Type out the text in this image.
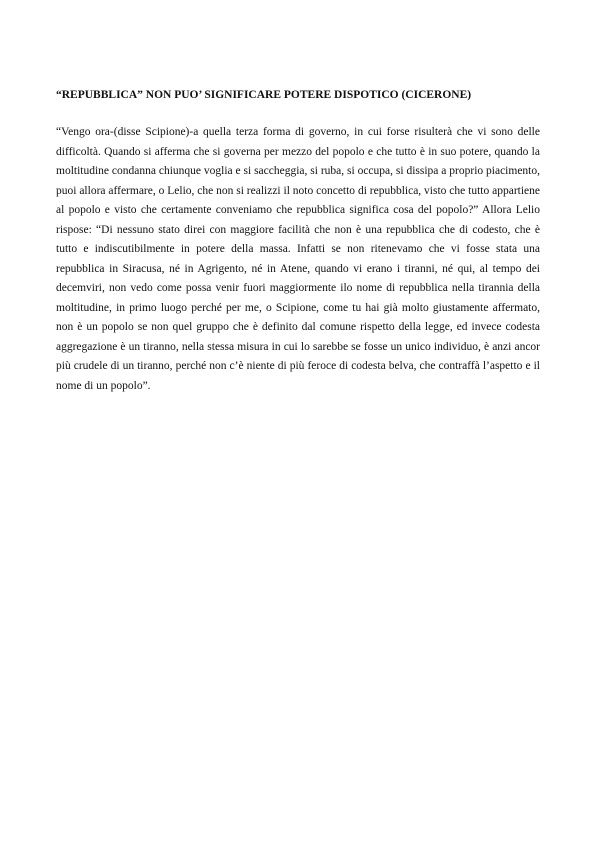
“REPUBBLICA” NON PUO’ SIGNIFICARE POTERE DISPOTICO (CICERONE)

“Vengo ora-(disse Scipione)-a quella terza forma di governo, in cui forse risulterà che vi sono delle difficoltà. Quando si afferma che si governa per mezzo del popolo e che tutto è in suo potere, quando la moltitudine condanna chiunque voglia e si saccheggia, si ruba, si occupa, si dissipa a proprio piacimento, puoi allora affermare, o Lelio, che non si realizzi il noto concetto di repubblica, visto che tutto appartiene al popolo e visto che certamente conveniamo che repubblica significa cosa del popolo?” Allora Lelio rispose: “Di nessuno stato direi con maggiore facilità che non è una repubblica che di codesto, che è tutto e indiscutibilmente in potere della massa. Infatti se non ritenevamo che vi fosse stata una repubblica in Siracusa, né in Agrigento, né in Atene, quando vi erano i tiranni, né qui, al tempo dei decemviri, non vedo come possa venir fuori maggiormente ilo nome di repubblica nella tirannia della moltitudine, in primo luogo perché per me, o Scipione, come tu hai già molto giustamente affermato, non è un popolo se non quel gruppo che è definito dal comune rispetto della legge, ed invece codesta aggregazione è un tiranno, nella stessa misura in cui lo sarebbe se fosse un unico individuo, è anzi ancor più crudele di un tiranno, perché non c’è niente di più feroce di codesta belva, che contraffà l’aspetto e il nome di un popolo”.
